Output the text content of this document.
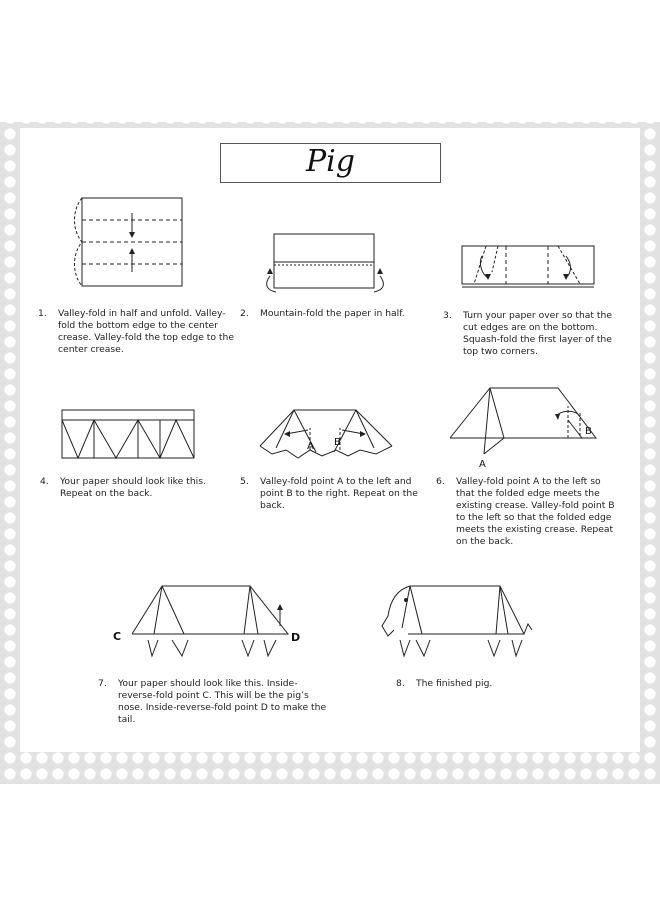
Pig
A B
A
B
C	D
1.	Valley-fold in half and unfold. Valley-fold the bottom edge to the center crease. Valley-fold the top edge to the center crease.
2.	Mountain-fold the paper in half.	3.	Turn your paper over so that the cut edges are on the bottom. Squash-fold the first layer of the top two corners.
4.	Your paper should look like this. Repeat on the back.
5.	Valley-fold point A to the left and point B to the right. Repeat on the back.
6.	Valley-fold point A to the left so that the folded edge meets the existing crease. Valley-fold point B to the left so that the folded edge meets the existing crease. Repeat on the back.
7.	Your paper should look like this. Inside-reverse-fold point C. This will be the pig’s nose. Inside-reverse-fold point D to make the tail.
8.	The finished pig.
